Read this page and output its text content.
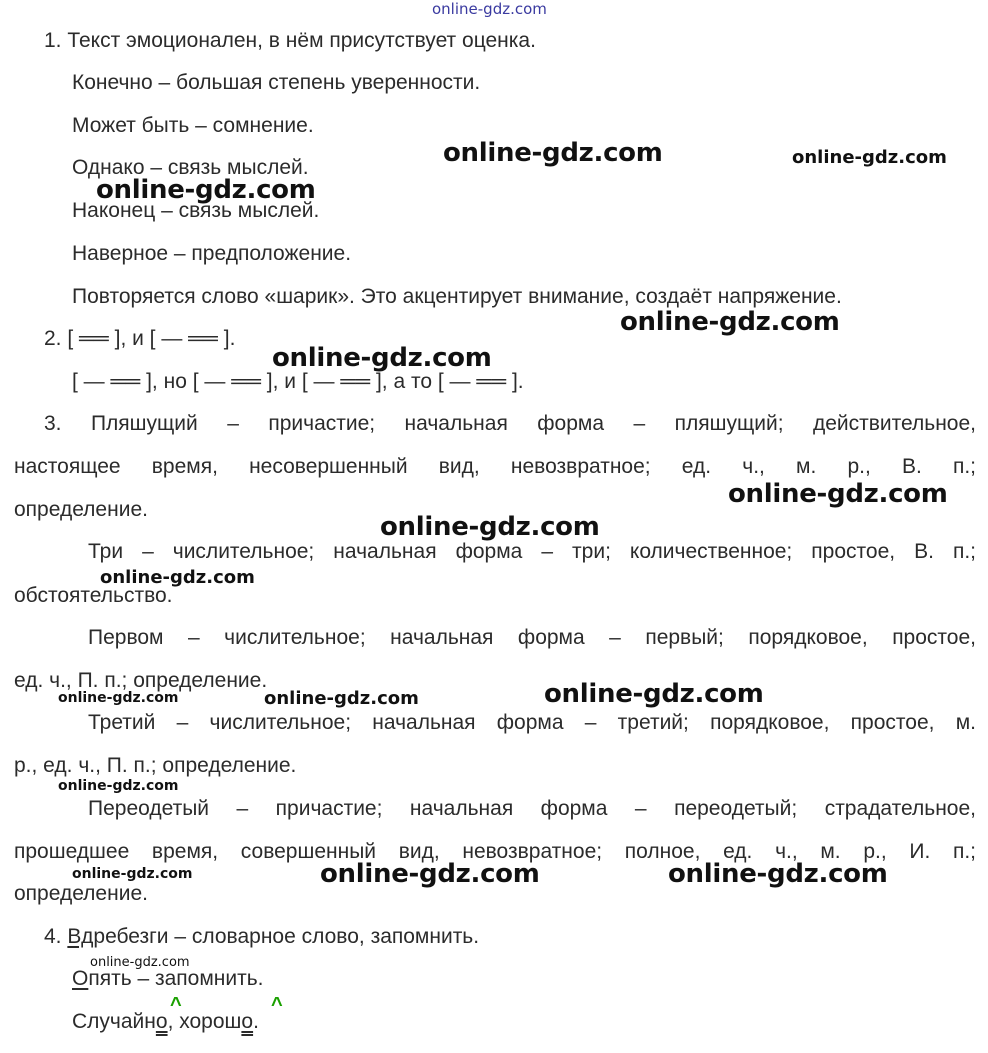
online-gdz.com
online-gdz.com	online-gdz.com
online-gdz.com
online-gdz.com
online-gdz.com
online-gdz.com
online-gdz.com
online-gdz.com
online-gdz.com
online-gdz.com
online-gdz.com
online-gdz.com
online-gdz.com	online-gdz.com
online-gdz.com
online-gdz.com
1. Текст эмоционален, в нём присутствует оценка.
Конечно – большая степень уверенности.
Может быть – сомнение.
Однако – связь мыслей.
Наконец – связь мыслей.
Наверное – предположение.
Повторяется слово «шарик». Это акцентирует внимание, создаёт напряжение.
2. [ ══ ], и [ — ══ ].
[ — ══ ], но [ — ══ ], и [ — ══ ], а то [ — ══ ].
3. Пляшущий – причастие; начальная форма – пляшущий; действительное,
настоящее время, несовершенный вид, невозвратное; ед. ч., м. р., В. п.;
определение.
Три – числительное; начальная форма – три; количественное; простое, В. п.;
обстоятельство.
Первом – числительное; начальная форма – первый; порядковое, простое,
ед. ч., П. п.; определение.
Третий – числительное; начальная форма – третий; порядковое, простое, м.
р., ед. ч., П. п.; определение.
Переодетый – причастие; начальная форма – переодетый; страдательное,
прошедшее время, совершенный вид, невозвратное; полное, ед. ч., м. р., И. п.;
определение.
4. Вдребезги – словарное слово, запомнить.
Опять – запомнить.
Случайно, хорошо.
^	^
